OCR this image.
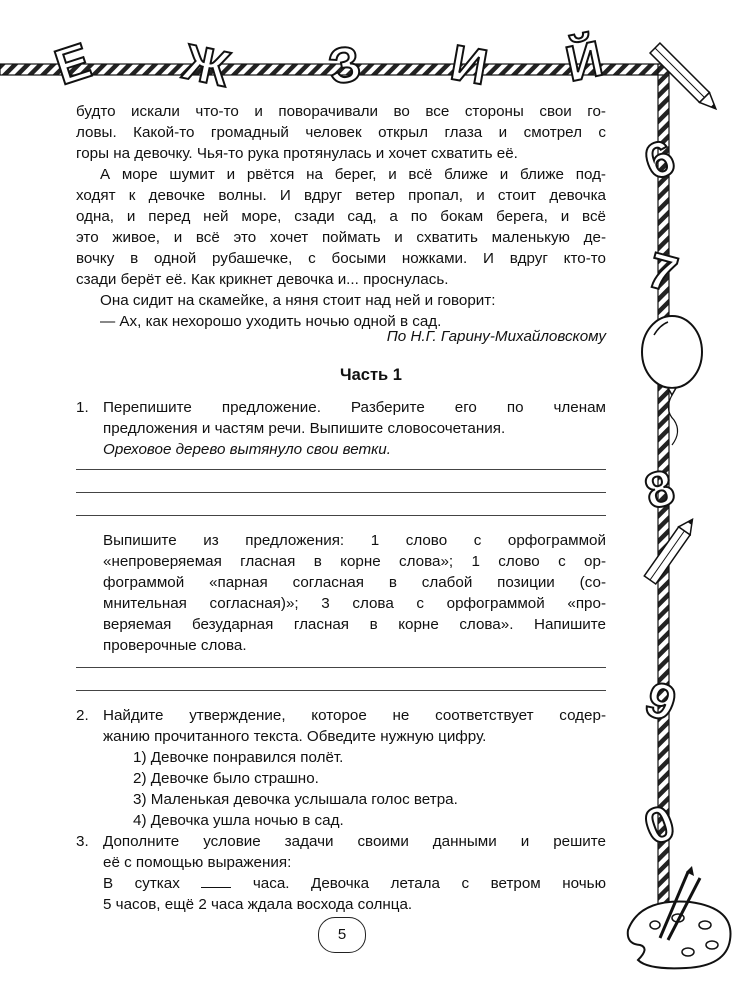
Е Ж З И Й
6
7
8
9
0

будто искали что-то и поворачивали во все стороны свои го-
ловы. Какой-то громадный человек открыл глаза и смотрел с
горы на девочку. Чья-то рука протянулась и хочет схватить её.

А море шумит и рвётся на берег, и всё ближе и ближе под-
ходят к девочке волны. И вдруг ветер пропал, и стоит девочка
одна, и перед ней море, сзади сад, а по бокам берега, и всё
это живое, и всё это хочет поймать и схватить маленькую де-
вочку в одной рубашечке, с босыми ножками. И вдруг кто-то
сзади берёт её. Как крикнет девочка и... проснулась.

Она сидит на скамейке, а няня стоит над ней и говорит:

— Ах, как нехорошо уходить ночью одной в сад.

По Н.Г. Гарину-Михайловскому

Часть 1
1. Перепишите предложение. Разберите его по членам
предложения и частям речи. Выпишите словосочетания.
Ореховое дерево вытянуло свои ветки.

Выпишите из предложения: 1 слово с орфограммой
«непроверяемая гласная в корне слова»; 1 слово с ор-
фограммой «парная согласная в слабой позиции (со-
мнительная согласная)»; 3 слова с орфограммой «про-
веряемая безударная гласная в корне слова». Напишите
проверочные слова.

2. Найдите утверждение, которое не соответствует содер-
жанию прочитанного текста. Обведите нужную цифру.

1) Девочке понравился полёт.
2) Девочке было страшно.
3) Маленькая девочка услышала голос ветра.
4) Девочка ушла ночью в сад.
3. Дополните условие задачи своими данными и решите
её с помощью выражения:

В сутках	часа. Девочка летала с ветром ночью
5 часов, ещё 2 часа ждала восхода солнца.

5
